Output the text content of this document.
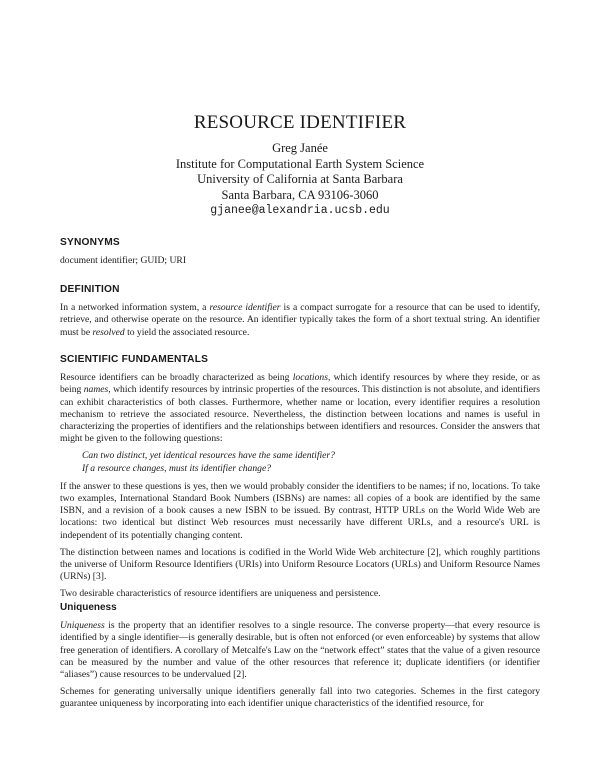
RESOURCE IDENTIFIER
Greg Janée
Institute for Computational Earth System Science
University of California at Santa Barbara
Santa Barbara, CA 93106-3060
gjanee@alexandria.ucsb.edu
SYNONYMS

document identifier; GUID; URI

DEFINITION

In a networked information system, a resource identifier is a compact surrogate for a resource that can be used to identify, retrieve, and otherwise operate on the resource. An identifier typically takes the form of a short textual string. An identifier must be resolved to yield the associated resource.

SCIENTIFIC FUNDAMENTALS

Resource identifiers can be broadly characterized as being locations, which identify resources by where they reside, or as being names, which identify resources by intrinsic properties of the resources. This distinction is not absolute, and identifiers can exhibit characteristics of both classes. Furthermore, whether name or location, every identifier requires a resolution mechanism to retrieve the associated resource. Nevertheless, the distinction between locations and names is useful in characterizing the properties of identifiers and the relationships between identifiers and resources. Consider the answers that might be given to the following questions:

Can two distinct, yet identical resources have the same identifier?
If a resource changes, must its identifier change?

If the answer to these questions is yes, then we would probably consider the identifiers to be names; if no, locations. To take two examples, International Standard Book Numbers (ISBNs) are names: all copies of a book are identified by the same ISBN, and a revision of a book causes a new ISBN to be issued. By contrast, HTTP URLs on the World Wide Web are locations: two identical but distinct Web resources must necessarily have different URLs, and a resource's URL is independent of its potentially changing content.

The distinction between names and locations is codified in the World Wide Web architecture [2], which roughly partitions the universe of Uniform Resource Identifiers (URIs) into Uniform Resource Locators (URLs) and Uniform Resource Names (URNs) [3].

Two desirable characteristics of resource identifiers are uniqueness and persistence.

Uniqueness

Uniqueness is the property that an identifier resolves to a single resource. The converse property—that every resource is identified by a single identifier—is generally desirable, but is often not enforced (or even enforceable) by systems that allow free generation of identifiers. A corollary of Metcalfe's Law on the “network effect” states that the value of a given resource can be measured by the number and value of the other resources that reference it; duplicate identifiers (or identifier “aliases”) cause resources to be undervalued [2].

Schemes for generating universally unique identifiers generally fall into two categories. Schemes in the first category guarantee uniqueness by incorporating into each identifier unique characteristics of the identified resource, for
